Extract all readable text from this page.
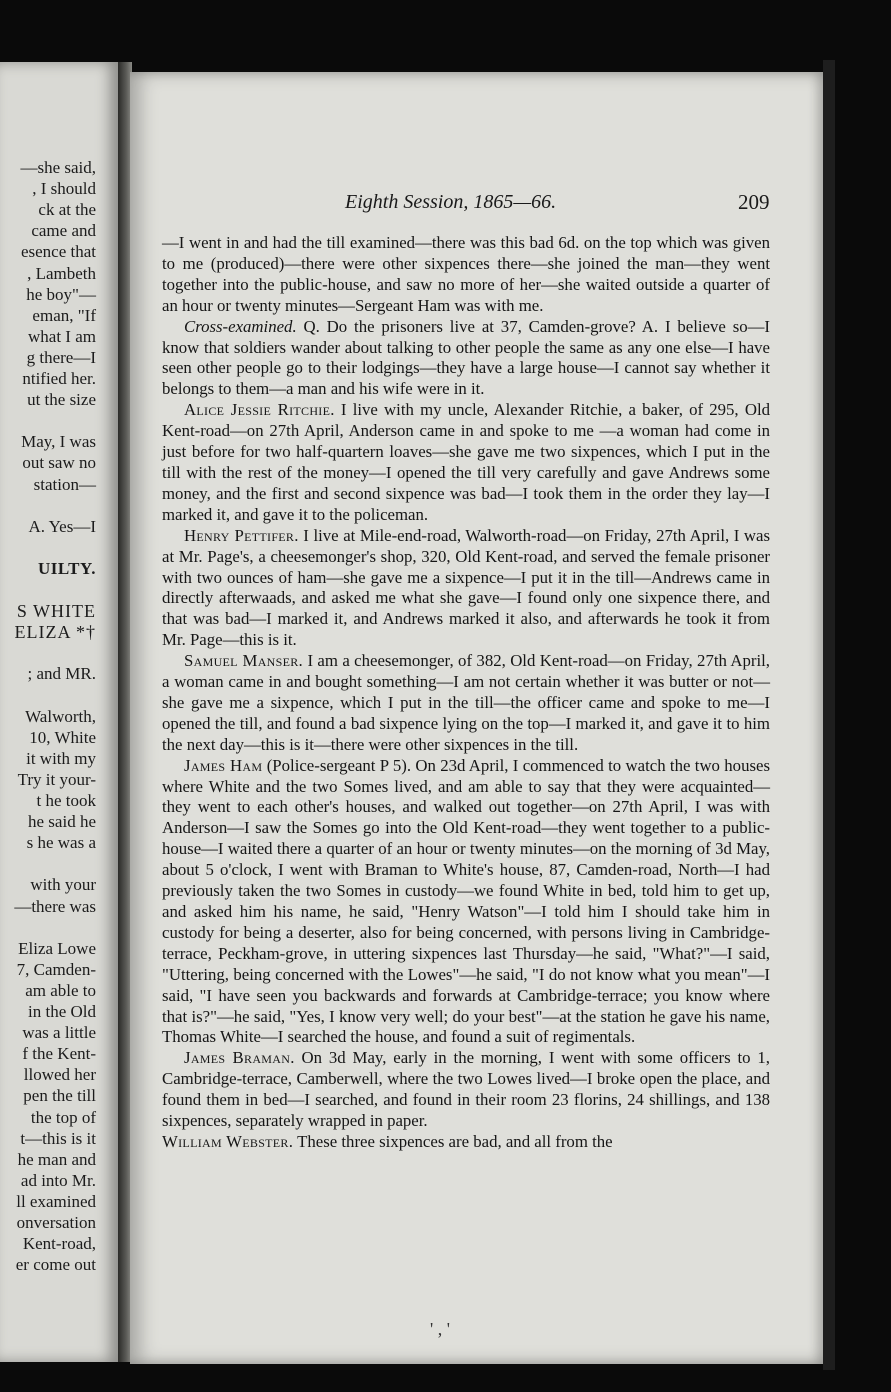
—she said,
, I should
ck at the
came and
esence that
, Lambeth
he boy"—
eman, "If
what I am
g there—I
ntified her.
ut the size
May, I was
out saw no
station—
A. Yes—I
UILTY.
S WHITE
ELIZA *†
; and MR.
Walworth,
10, White
it with my
Try it your-
t he took
he said he
s he was a
with your
—there was
Eliza Lowe
7, Camden-
am able to
in the Old
was a little
f the Kent-
llowed her
pen the till
the top of
t—this is it
he man and
ad into Mr.
ll examined
onversation
Kent-road,
er come out
Eighth Session, 1865—66.	209

—I went in and had the till examined—there was this bad 6d. on the top which was given to me (produced)—there were other sixpences there—she joined the man—they went together into the public-house, and saw no more of her—she waited outside a quarter of an hour or twenty minutes—Sergeant Ham was with me.

Cross-examined. Q. Do the prisoners live at 37, Camden-grove? A. I believe so—I know that soldiers wander about talking to other people the same as any one else—I have seen other people go to their lodgings—they have a large house—I cannot say whether it belongs to them—a man and his wife were in it.

Alice Jessie Ritchie. I live with my uncle, Alexander Ritchie, a baker, of 295, Old Kent-road—on 27th April, Anderson came in and spoke to me —a woman had come in just before for two half-quartern loaves—she gave me two sixpences, which I put in the till with the rest of the money—I opened the till very carefully and gave Andrews some money, and the first and second sixpence was bad—I took them in the order they lay—I marked it, and gave it to the policeman.

Henry Pettifer. I live at Mile-end-road, Walworth-road—on Friday, 27th April, I was at Mr. Page's, a cheesemonger's shop, 320, Old Kent-road, and served the female prisoner with two ounces of ham—she gave me a sixpence—I put it in the till—Andrews came in directly afterwaads, and asked me what she gave—I found only one sixpence there, and that was bad—I marked it, and Andrews marked it also, and afterwards he took it from Mr. Page—this is it.

Samuel Manser. I am a cheesemonger, of 382, Old Kent-road—on Friday, 27th April, a woman came in and bought something—I am not certain whether it was butter or not—she gave me a sixpence, which I put in the till—the officer came and spoke to me—I opened the till, and found a bad sixpence lying on the top—I marked it, and gave it to him the next day—this is it—there were other sixpences in the till.

James Ham (Police-sergeant P 5). On 23d April, I commenced to watch the two houses where White and the two Somes lived, and am able to say that they were acquainted—they went to each other's houses, and walked out together—on 27th April, I was with Anderson—I saw the Somes go into the Old Kent-road—they went together to a public-house—I waited there a quarter of an hour or twenty minutes—on the morning of 3d May, about 5 o'clock, I went with Braman to White's house, 87, Camden-road, North—I had previously taken the two Somes in custody—we found White in bed, told him to get up, and asked him his name, he said, "Henry Watson"—I told him I should take him in custody for being a deserter, also for being concerned, with persons living in Cambridge-terrace, Peckham-grove, in uttering sixpences last Thursday—he said, "What?"—I said, "Uttering, being concerned with the Lowes"—he said, "I do not know what you mean"—I said, "I have seen you backwards and forwards at Cambridge-terrace; you know where that is?"—he said, "Yes, I know very well; do your best"—at the station he gave his name, Thomas White—I searched the house, and found a suit of regimentals.

James Braman. On 3d May, early in the morning, I went with some officers to 1, Cambridge-terrace, Camberwell, where the two Lowes lived—I broke open the place, and found them in bed—I searched, and found in their room 23 florins, 24 shillings, and 138 sixpences, separately wrapped in paper.

William Webster. These three sixpences are bad, and all from the

' , '
